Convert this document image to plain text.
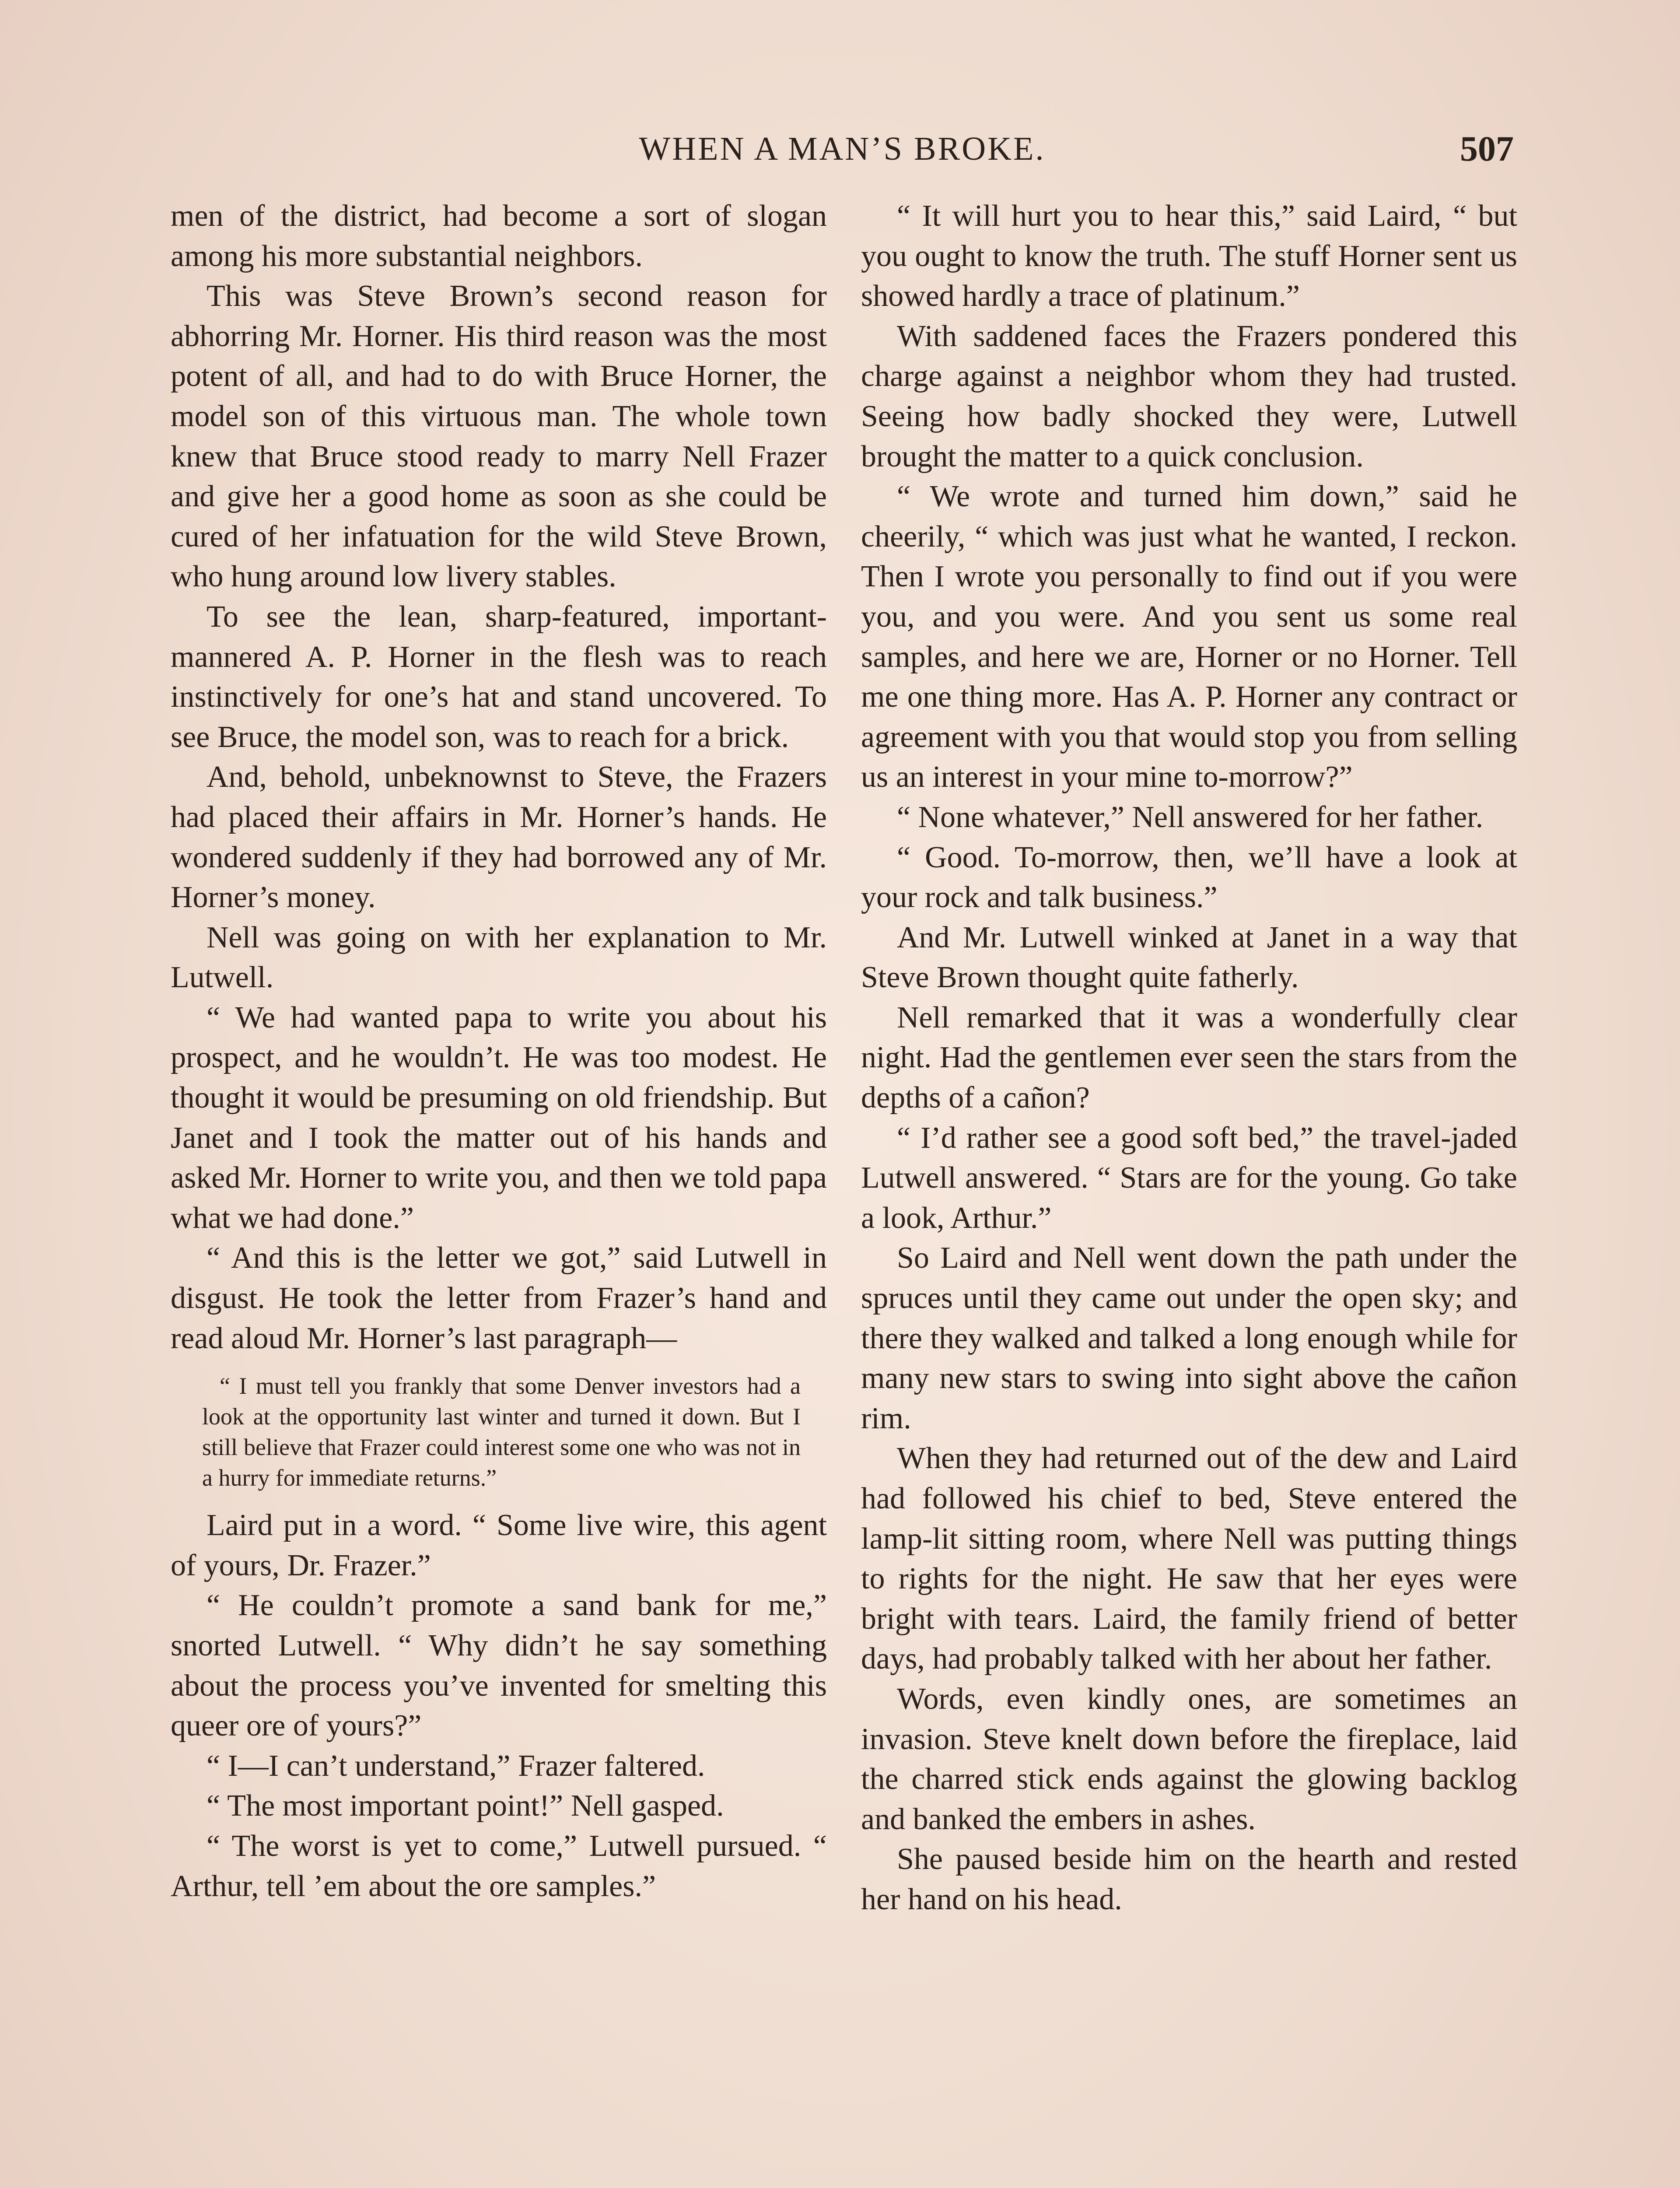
WHEN A MAN’S BROKE.	507

men of the district, had become a sort of slogan among his more substantial neighbors.

This was Steve Brown’s second reason for abhorring Mr. Horner. His third reason was the most potent of all, and had to do with Bruce Horner, the model son of this virtuous man. The whole town knew that Bruce stood ready to marry Nell Frazer and give her a good home as soon as she could be cured of her infatuation for the wild Steve Brown, who hung around low livery stables.

To see the lean, sharp-featured, important-mannered A. P. Horner in the flesh was to reach instinctively for one’s hat and stand uncovered. To see Bruce, the model son, was to reach for a brick.

And, behold, unbeknownst to Steve, the Frazers had placed their affairs in Mr. Horner’s hands. He wondered suddenly if they had borrowed any of Mr. Horner’s money.

Nell was going on with her explanation to Mr. Lutwell.

“ We had wanted papa to write you about his prospect, and he wouldn’t. He was too modest. He thought it would be presuming on old friendship. But Janet and I took the matter out of his hands and asked Mr. Horner to write you, and then we told papa what we had done.”

“ And this is the letter we got,” said Lutwell in disgust. He took the letter from Frazer’s hand and read aloud Mr. Horner’s last paragraph—

“ I must tell you frankly that some Denver investors had a look at the opportunity last winter and turned it down. But I still believe that Frazer could interest some one who was not in a hurry for immediate returns.”

Laird put in a word. “ Some live wire, this agent of yours, Dr. Frazer.”

“ He couldn’t promote a sand bank for me,” snorted Lutwell. “ Why didn’t he say something about the process you’ve invented for smelting this queer ore of yours?”

“ I—I can’t understand,” Frazer faltered.

“ The most important point!” Nell gasped.

“ The worst is yet to come,” Lutwell pursued. “ Arthur, tell ’em about the ore samples.”

“ It will hurt you to hear this,” said Laird, “ but you ought to know the truth. The stuff Horner sent us showed hardly a trace of platinum.”

With saddened faces the Frazers pondered this charge against a neighbor whom they had trusted. Seeing how badly shocked they were, Lutwell brought the matter to a quick conclusion.

“ We wrote and turned him down,” said he cheerily, “ which was just what he wanted, I reckon. Then I wrote you personally to find out if you were you, and you were. And you sent us some real samples, and here we are, Horner or no Horner. Tell me one thing more. Has A. P. Horner any contract or agreement with you that would stop you from selling us an interest in your mine to-morrow?”

“ None whatever,” Nell answered for her father.

“ Good. To-morrow, then, we’ll have a look at your rock and talk business.”

And Mr. Lutwell winked at Janet in a way that Steve Brown thought quite fatherly.

Nell remarked that it was a wonderfully clear night. Had the gentlemen ever seen the stars from the depths of a cañon?

“ I’d rather see a good soft bed,” the travel-jaded Lutwell answered. “ Stars are for the young. Go take a look, Arthur.”

So Laird and Nell went down the path under the spruces until they came out under the open sky; and there they walked and talked a long enough while for many new stars to swing into sight above the cañon rim.

When they had returned out of the dew and Laird had followed his chief to bed, Steve entered the lamp-lit sitting room, where Nell was putting things to rights for the night. He saw that her eyes were bright with tears. Laird, the family friend of better days, had probably talked with her about her father.

Words, even kindly ones, are sometimes an invasion. Steve knelt down before the fireplace, laid the charred stick ends against the glowing backlog and banked the embers in ashes.

She paused beside him on the hearth and rested her hand on his head.
